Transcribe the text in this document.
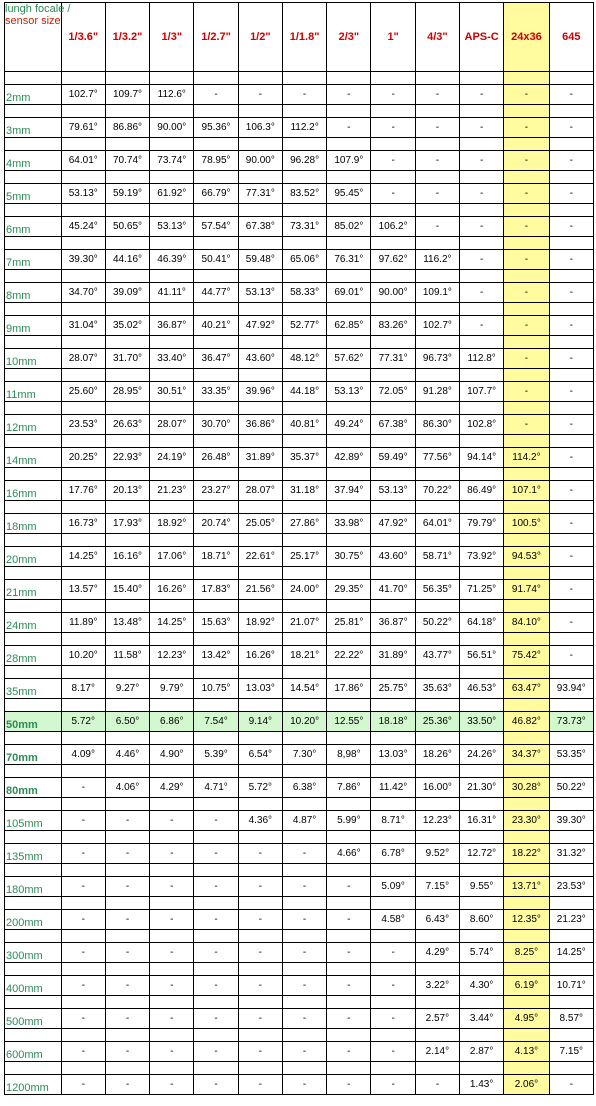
lungh focale /
sensor size	1/3.6"	1/3.2"	1/3"	1/2.7"	1/2"	1/1.8"	2/3"	1"	4/3"	APS-C	24x36	645

2mm	102.7°	109.7°	112.6°	-	-	-	-	-	-	-	-	-

3mm	79.61°	86.86°	90.00°	95.36°	106.3°	112.2°	-	-	-	-	-	-

4mm	64.01°	70.74°	73.74°	78.95°	90.00°	96.28°	107.9°	-	-	-	-	-

5mm	53.13°	59.19°	61.92°	66.79°	77.31°	83.52°	95.45°	-	-	-	-	-

6mm	45.24°	50.65°	53.13°	57.54°	67.38°	73.31°	85.02°	106.2°	-	-	-	-

7mm	39.30°	44.16°	46.39°	50.41°	59.48°	65.06°	76.31°	97.62°	116.2°	-	-	-

8mm	34.70°	39.09°	41.11°	44.77°	53.13°	58.33°	69.01°	90.00°	109.1°	-	-	-

9mm	31.04°	35.02°	36.87°	40.21°	47.92°	52.77°	62.85°	83.26°	102.7°	-	-	-

10mm	28.07°	31.70°	33.40°	36.47°	43.60°	48.12°	57.62°	77.31°	96.73°	112.8°	-	-

11mm	25.60°	28.95°	30.51°	33.35°	39.96°	44.18°	53.13°	72.05°	91.28°	107.7°	-	-

12mm	23.53°	26.63°	28.07°	30.70°	36.86°	40.81°	49.24°	67.38°	86.30°	102.8°	-	-

14mm	20.25°	22.93°	24.19°	26.48°	31.89°	35.37°	42.89°	59.49°	77.56°	94.14°	114.2°	-

16mm	17.76°	20.13°	21.23°	23.27°	28.07°	31.18°	37.94°	53.13°	70.22°	86.49°	107.1°	-

18mm	16.73°	17.93°	18.92°	20.74°	25.05°	27.86°	33.98°	47.92°	64.01°	79.79°	100.5°	-

20mm	14.25°	16.16°	17.06°	18.71°	22.61°	25.17°	30.75°	43.60°	58.71°	73.92°	94.53°	-

21mm	13.57°	15.40°	16.26°	17.83°	21.56°	24.00°	29.35°	41.70°	56.35°	71.25°	91.74°	-

24mm	11.89°	13.48°	14.25°	15.63°	18.92°	21.07°	25.81°	36.87°	50.22°	64.18°	84.10°	-

28mm	10.20°	11.58°	12.23°	13.42°	16.26°	18.21°	22.22°	31.89°	43.77°	56.51°	75.42°	-

35mm	8.17°	9.27°	9.79°	10.75°	13.03°	14.54°	17.86°	25.75°	35.63°	46.53°	63.47°	93.94°

50mm	5.72°	6.50°	6.86°	7.54°	9.14°	10.20°	12.55°	18.18°	25.36°	33.50°	46.82°	73.73°

70mm	4.09°	4.46°	4.90°	5.39°	6.54°	7.30°	8,98°	13.03°	18.26°	24.26°	34.37°	53.35°

80mm	-	4.06°	4.29°	4.71°	5.72°	6.38°	7.86°	11.42°	16.00°	21.30°	30.28°	50.22°

105mm	-	-	-	-	4.36°	4.87°	5.99°	8.71°	12.23°	16.31°	23.30°	39.30°

135mm	-	-	-	-	-	-	4.66°	6.78°	9.52°	12.72°	18.22°	31.32°

180mm	-	-	-	-	-	-	-	5.09°	7.15°	9.55°	13.71°	23.53°

200mm	-	-	-	-	-	-	-	4.58°	6.43°	8.60°	12.35°	21.23°

300mm	-	-	-	-	-	-	-	-	4.29°	5.74°	8.25°	14.25°

400mm	-	-	-	-	-	-	-	-	3.22°	4.30°	6.19°	10.71°

500mm	-	-	-	-	-	-	-	-	2.57°	3.44°	4.95°	8.57°

600mm	-	-	-	-	-	-	-	-	2.14°	2.87°	4.13°	7.15°

1200mm	-	-	-	-	-	-	-	-	-	1.43°	2.06°	-
